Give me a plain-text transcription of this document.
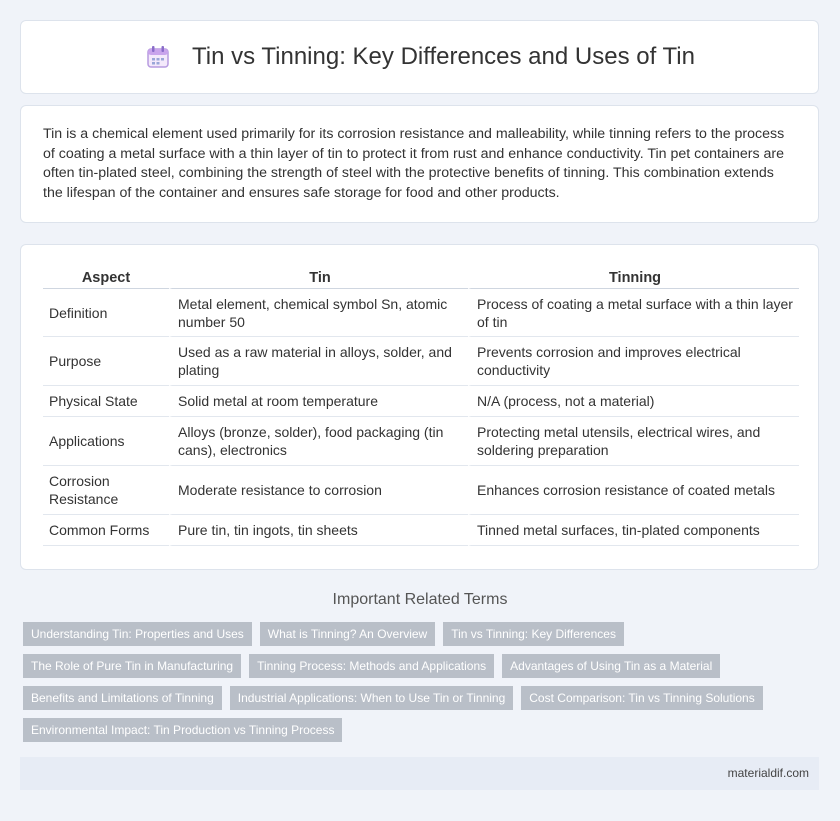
Tin vs Tinning: Key Differences and Uses of Tin

Tin is a chemical element used primarily for its corrosion resistance and malleability, while tinning refers to the process of coating a metal surface with a thin layer of tin to protect it from rust and enhance conductivity. Tin pet containers are often tin-plated steel, combining the strength of steel with the protective benefits of tinning. This combination extends the lifespan of the container and ensures safe storage for food and other products.

Aspect	Tin	Tinning
Definition	Metal element, chemical symbol Sn, atomic number 50	Process of coating a metal surface with a thin layer of tin
Purpose	Used as a raw material in alloys, solder, and plating	Prevents corrosion and improves electrical conductivity
Physical State	Solid metal at room temperature	N/A (process, not a material)
Applications	Alloys (bronze, solder), food packaging (tin cans), electronics	Protecting metal utensils, electrical wires, and soldering preparation
Corrosion Resistance	Moderate resistance to corrosion	Enhances corrosion resistance of coated metals
Common Forms	Pure tin, tin ingots, tin sheets	Tinned metal surfaces, tin-plated components
Important Related Terms
Understanding Tin: Properties and Uses	What is Tinning? An Overview	Tin vs Tinning: Key Differences
The Role of Pure Tin in Manufacturing	Tinning Process: Methods and Applications	Advantages of Using Tin as a Material
Benefits and Limitations of Tinning	Industrial Applications: When to Use Tin or Tinning	Cost Comparison: Tin vs Tinning Solutions
Environmental Impact: Tin Production vs Tinning Process
materialdif.com
